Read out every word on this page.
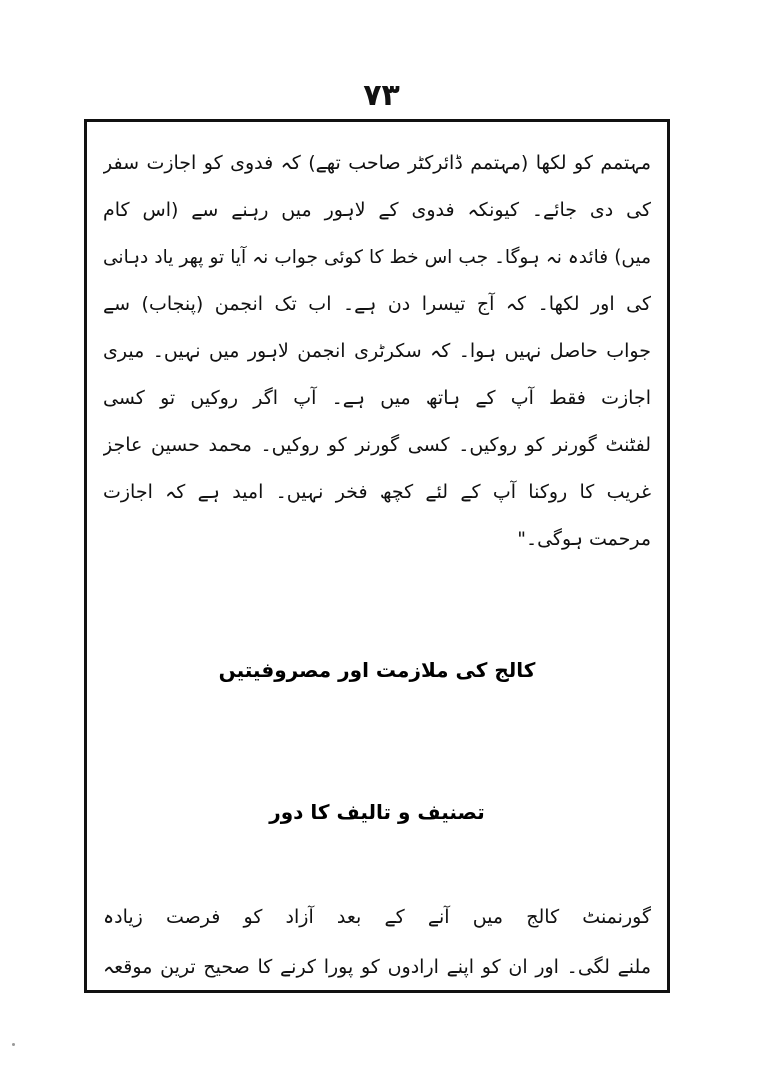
۷۳
مہتمم کو لکھا (مہتمم ڈائرکٹر صاحب تھے) کہ فدوی کو اجازت سفر
کی دی جائے۔ کیونکہ فدوی کے لاہور میں رہنے سے (اس کام
میں) فائدہ نہ ہوگا۔ جب اس خط کا کوئی جواب نہ آیا تو پھر یاد دہانی
کی اور لکھا۔ کہ آج تیسرا دن ہے۔ اب تک انجمن (پنجاب) سے
جواب حاصل نہیں ہوا۔ کہ سکرٹری انجمن لاہور میں نہیں۔ میری
اجازت فقط آپ کے ہاتھ میں ہے۔ آپ اگر روکیں تو کسی
لفٹنٹ گورنر کو روکیں۔ کسی گورنر کو روکیں۔ محمد حسین عاجز
غریب کا روکنا آپ کے لئے کچھ فخر نہیں۔ امید ہے کہ اجازت
مرحمت ہوگی۔"
کالج کی ملازمت اور مصروفیتیں
تصنیف و تالیف کا دور
گورنمنٹ کالج میں آنے کے بعد آزاد کو فرصت زیادہ
ملنے لگی۔ اور ان کو اپنے ارادوں کو پورا کرنے کا صحیح ترین موقعہ
